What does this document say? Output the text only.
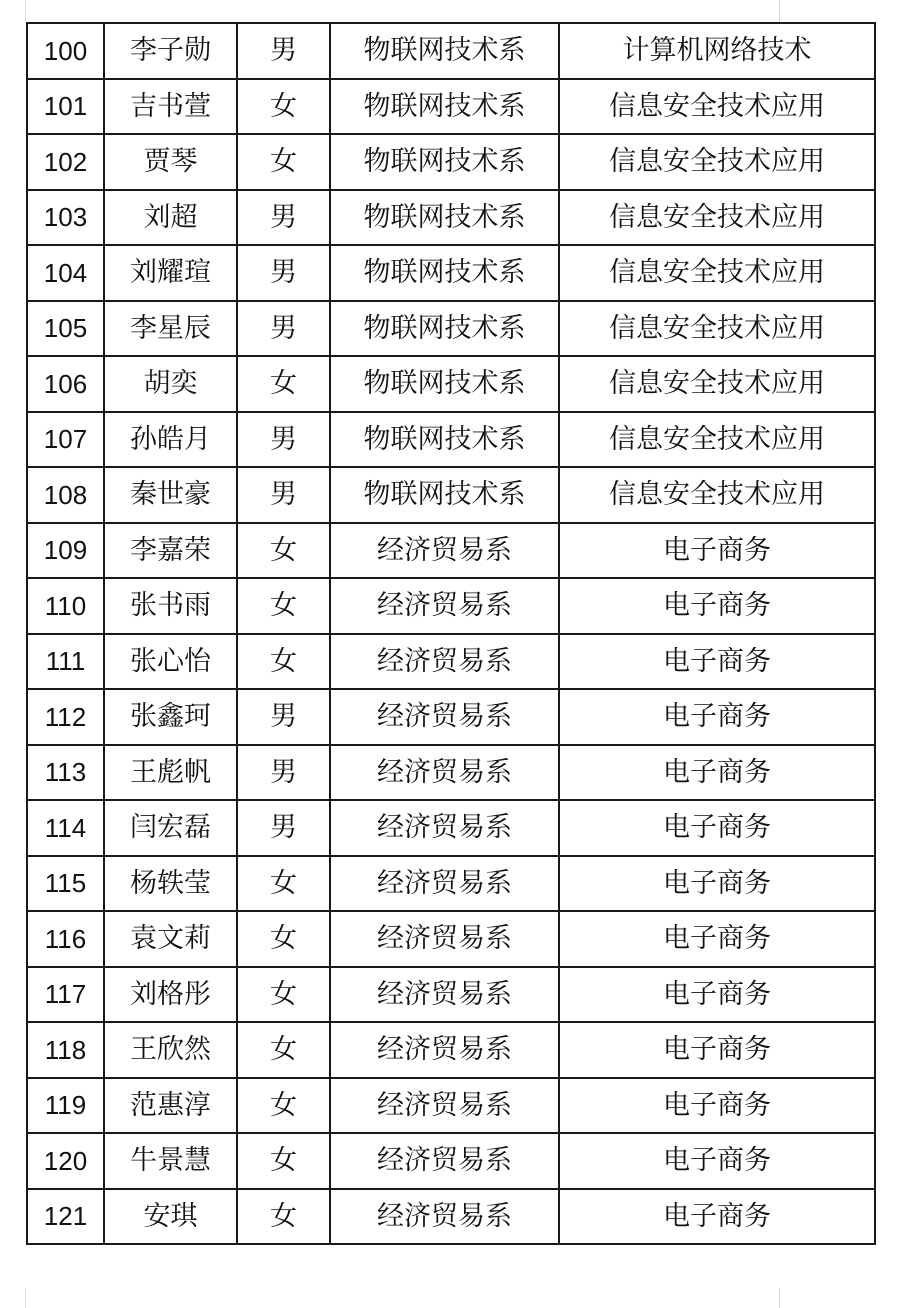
100	李子勋	男	物联网技术系	计算机网络技术
101	吉书萱	女	物联网技术系	信息安全技术应用
102	贾琴	女	物联网技术系	信息安全技术应用
103	刘超	男	物联网技术系	信息安全技术应用
104	刘耀瑄	男	物联网技术系	信息安全技术应用
105	李星辰	男	物联网技术系	信息安全技术应用
106	胡奕	女	物联网技术系	信息安全技术应用
107	孙皓月	男	物联网技术系	信息安全技术应用
108	秦世豪	男	物联网技术系	信息安全技术应用
109	李嘉荣	女	经济贸易系	电子商务
110	张书雨	女	经济贸易系	电子商务
111	张心怡	女	经济贸易系	电子商务
112	张鑫珂	男	经济贸易系	电子商务
113	王彪帆	男	经济贸易系	电子商务
114	闫宏磊	男	经济贸易系	电子商务
115	杨轶莹	女	经济贸易系	电子商务
116	袁文莉	女	经济贸易系	电子商务
117	刘格彤	女	经济贸易系	电子商务
118	王欣然	女	经济贸易系	电子商务
119	范惠淳	女	经济贸易系	电子商务
120	牛景慧	女	经济贸易系	电子商务
121	安琪	女	经济贸易系	电子商务
